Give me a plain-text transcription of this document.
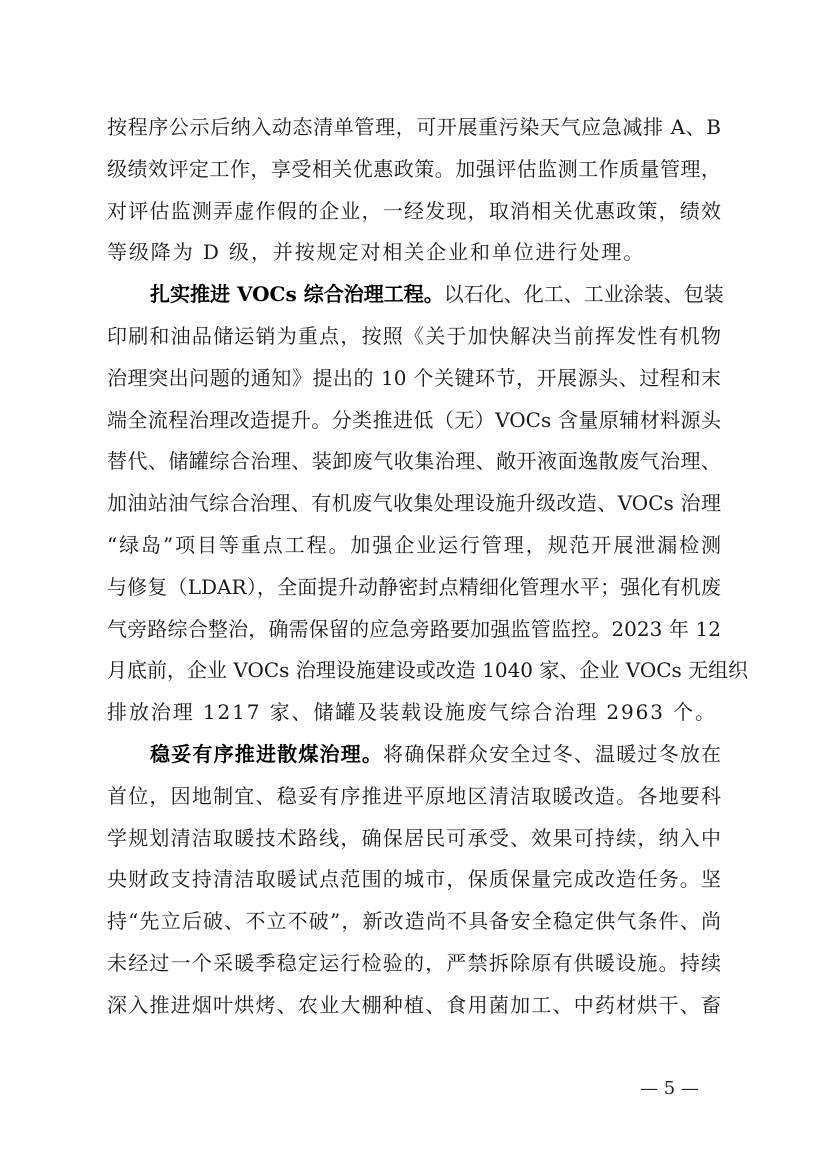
按程序公示后纳入动态清单管理，可开展重污染天气应急减排 A、B
级绩效评定工作，享受相关优惠政策。加强评估监测工作质量管理，
对评估监测弄虚作假的企业，一经发现，取消相关优惠政策，绩效
等级降为 D 级，并按规定对相关企业和单位进行处理。
扎实推进 VOCs 综合治理工程。以石化、化工、工业涂装、包装
印刷和油品储运销为重点，按照《关于加快解决当前挥发性有机物
治理突出问题的通知》提出的 10 个关键环节，开展源头、过程和末
端全流程治理改造提升。分类推进低（无）VOCs 含量原辅材料源头
替代、储罐综合治理、装卸废气收集治理、敞开液面逸散废气治理、
加油站油气综合治理、有机废气收集处理设施升级改造、VOCs 治理
“绿岛”项目等重点工程。加强企业运行管理，规范开展泄漏检测
与修复（LDAR），全面提升动静密封点精细化管理水平；强化有机废
气旁路综合整治，确需保留的应急旁路要加强监管监控。2023 年 12
月底前，企业 VOCs 治理设施建设或改造 1040 家、企业 VOCs 无组织
排放治理 1217 家、储罐及装载设施废气综合治理 2963 个。
稳妥有序推进散煤治理。将确保群众安全过冬、温暖过冬放在
首位，因地制宜、稳妥有序推进平原地区清洁取暖改造。各地要科
学规划清洁取暖技术路线，确保居民可承受、效果可持续，纳入中
央财政支持清洁取暖试点范围的城市，保质保量完成改造任务。坚
持“先立后破、不立不破”，新改造尚不具备安全稳定供气条件、尚
未经过一个采暖季稳定运行检验的，严禁拆除原有供暖设施。持续
深入推进烟叶烘烤、农业大棚种植、食用菌加工、中药材烘干、畜
— 5 —
